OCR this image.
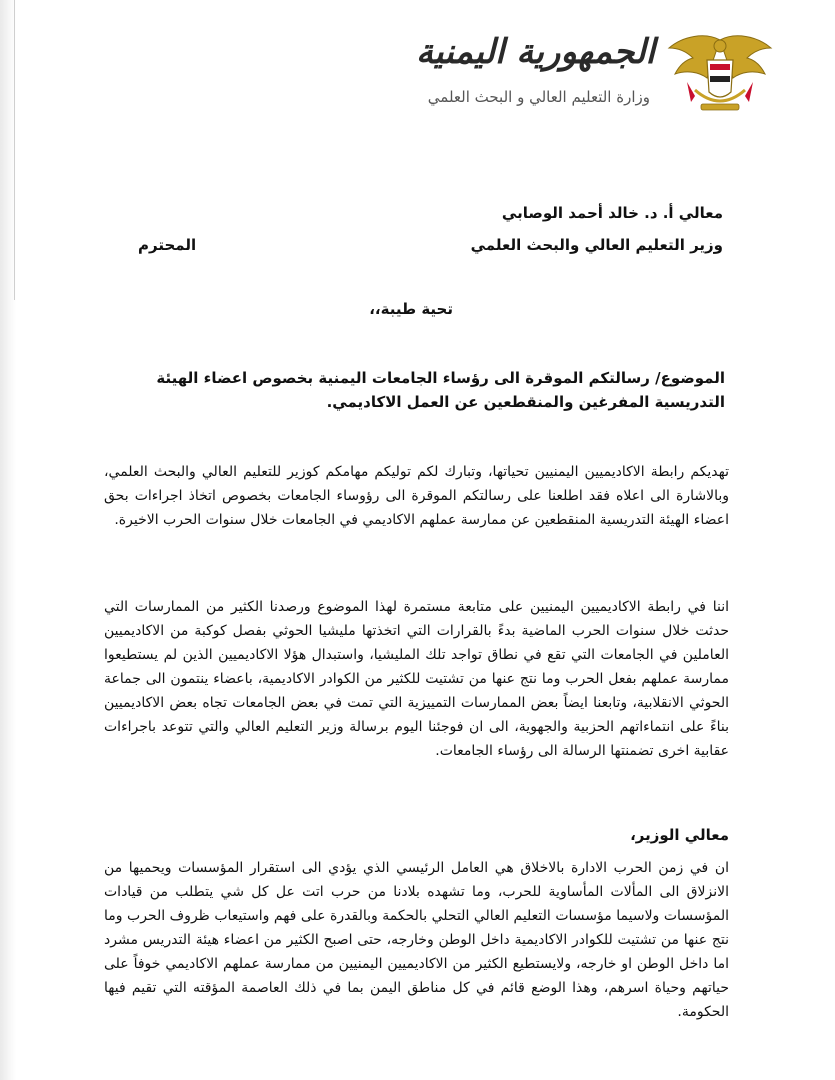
الجمهورية اليمنية
وزارة التعليم العالي و البحث العلمي
معالي أ. د. خالد أحمد الوصابي
وزير التعليم العالي والبحث العلمي
المحترم
تحية طيبة،،
الموضوع/ رسالتكم الموقرة الى رؤساء الجامعات اليمنية بخصوص اعضاء الهيئة التدريسية المفرغين والمنقطعين عن العمل الاكاديمي.
تهديكم رابطة الاكاديميين اليمنيين تحياتها، وتبارك لكم توليكم مهامكم كوزير للتعليم العالي والبحث العلمي، وبالاشارة الى اعلاه فقد اطلعنا على رسالتكم الموقرة الى رؤوساء الجامعات بخصوص اتخاذ اجراءات بحق اعضاء الهيئة التدريسية المنقطعين عن ممارسة عملهم الاكاديمي في الجامعات خلال سنوات الحرب الاخيرة.
اننا في رابطة الاكاديميين اليمنيين على متابعة مستمرة لهذا الموضوع ورصدنا الكثير من الممارسات التي حدثت خلال سنوات الحرب الماضية بدءً بالقرارات التي اتخذتها مليشيا الحوثي بفصل كوكبة من الاكاديميين العاملين في الجامعات التي تقع في نطاق تواجد تلك المليشيا، واستبدال هؤلا الاكاديميين الذين لم يستطيعوا ممارسة عملهم بفعل الحرب وما نتج عنها من تشتيت للكثير من الكوادر الاكاديمية، باعضاء ينتمون الى جماعة الحوثي الانقلابية، وتابعنا ايضاً بعض الممارسات التمييزية التي تمت في بعض الجامعات تجاه بعض الاكاديميين بناءً على انتماءاتهم الحزبية والجهوية، الى ان فوجئنا اليوم برسالة وزير التعليم العالي والتي تتوعد باجراءات عقابية اخرى تضمنتها الرسالة الى رؤساء الجامعات.
معالي الوزير،
ان في زمن الحرب الادارة بالاخلاق هي العامل الرئيسي الذي يؤدي الى استقرار المؤسسات ويحميها من الانزلاق الى المألات المأساوية للحرب، وما تشهده بلادنا من حرب اتت عل كل شي يتطلب من قيادات المؤسسات ولاسيما مؤسسات التعليم العالي التحلي بالحكمة وبالقدرة على فهم واستيعاب ظروف الحرب وما نتج عنها من تشتيت للكوادر الاكاديمية داخل الوطن وخارجه، حتى اصبح الكثير من اعضاء هيئة التدريس مشرد اما داخل الوطن او خارجه، ولايستطيع الكثير من الاكاديميين اليمنيين من ممارسة عملهم الاكاديمي خوفاً على حياتهم وحياة اسرهم، وهذا الوضع قائم في كل مناطق اليمن بما في ذلك العاصمة المؤقته التي تقيم فيها الحكومة.
